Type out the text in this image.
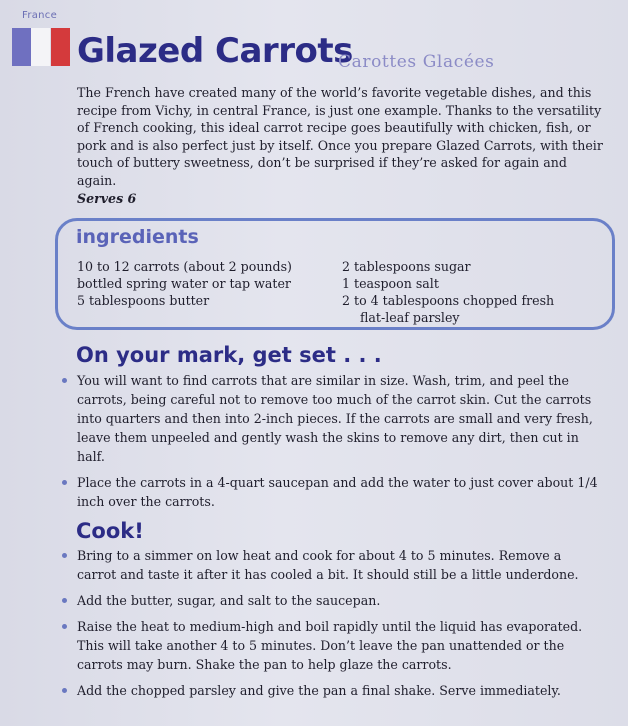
France
Glazed Carrots
Carottes Glacées

The French have created many of the world’s favorite vegetable dishes, and this recipe from Vichy, in central France, is just one example. Thanks to the versatility of French cooking, this ideal carrot recipe goes beautifully with chicken, fish, or pork and is also perfect just by itself. Once you prepare Glazed Carrots, with their touch of buttery sweetness, don’t be surprised if they’re asked for again and again.

Serves 6
ingredients
10 to 12 carrots (about 2 pounds)
bottled spring water or tap water
5 tablespoons butter
2 tablespoons sugar
1 teaspoon salt
2 to 4 tablespoons chopped fresh
flat-leaf parsley
On your mark, get set . . .
You will want to find carrots that are similar in size. Wash, trim, and peel the carrots, being careful not to remove too much of the carrot skin. Cut the carrots into quarters and then into 2-inch pieces. If the carrots are small and very fresh, leave them unpeeled and gently wash the skins to remove any dirt, then cut in half.
Place the carrots in a 4-quart saucepan and add the water to just cover about 1/4 inch over the carrots.
Cook!
Bring to a simmer on low heat and cook for about 4 to 5 minutes. Remove a carrot and taste it after it has cooled a bit. It should still be a little underdone.
Add the butter, sugar, and salt to the saucepan.
Raise the heat to medium-high and boil rapidly until the liquid has evaporated. This will take another 4 to 5 minutes. Don’t leave the pan unattended or the carrots may burn. Shake the pan to help glaze the carrots.
Add the chopped parsley and give the pan a final shake. Serve immediately.
